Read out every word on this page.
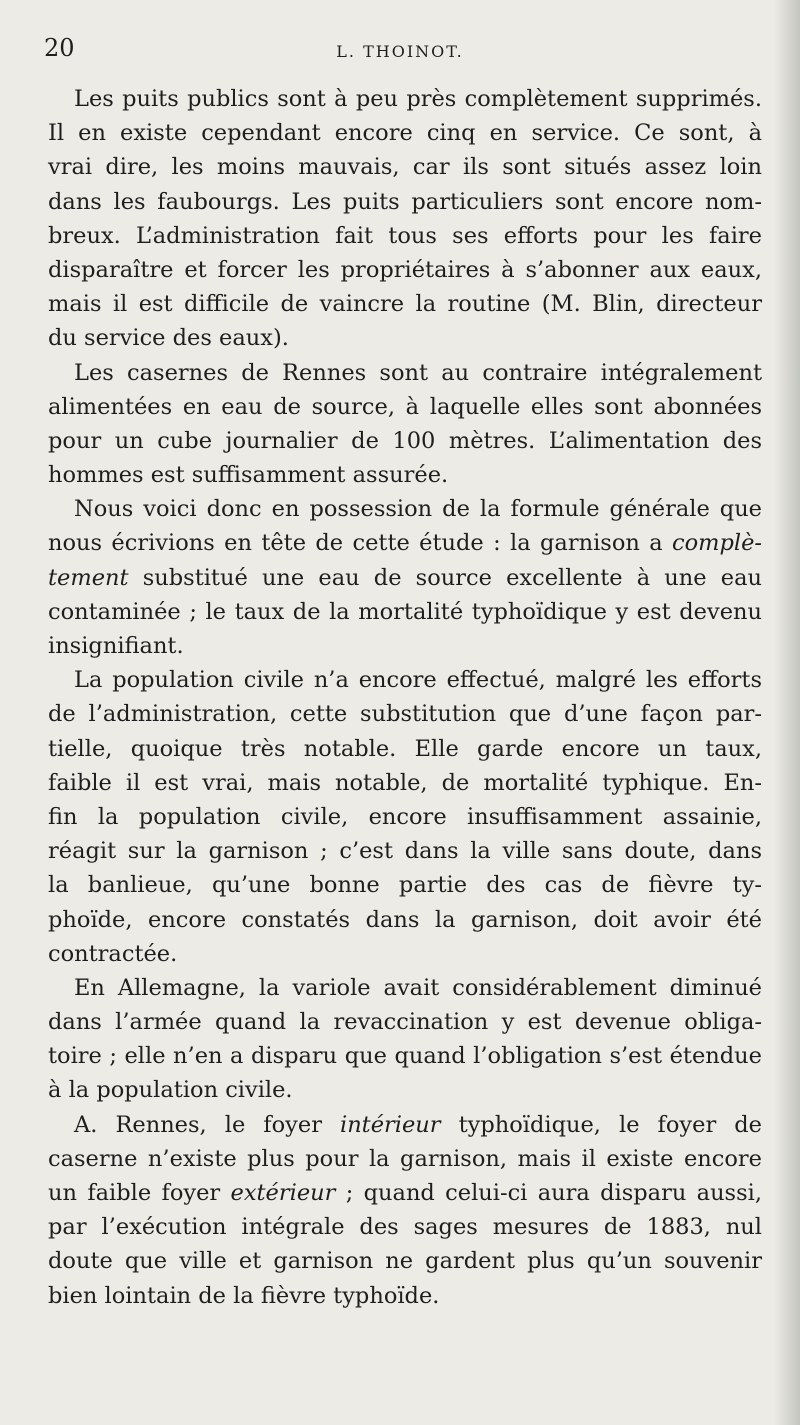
20	L. THOINOT.
Les puits publics sont à peu près complètement supprimés.
Il en existe cependant encore cinq en service. Ce sont, à
vrai dire, les moins mauvais, car ils sont situés assez loin
dans les faubourgs. Les puits particuliers sont encore nom-
breux. L’administration fait tous ses efforts pour les faire
disparaître et forcer les propriétaires à s’abonner aux eaux,
mais il est difficile de vaincre la routine (M. Blin, directeur
du service des eaux).
Les casernes de Rennes sont au contraire intégralement
alimentées en eau de source, à laquelle elles sont abonnées
pour un cube journalier de 100 mètres. L’alimentation des
hommes est suffisamment assurée.
Nous voici donc en possession de la formule générale que
nous écrivions en tête de cette étude : la garnison a complè-
tement substitué une eau de source excellente à une eau
contaminée ; le taux de la mortalité typhoïdique y est devenu
insignifiant.
La population civile n’a encore effectué, malgré les efforts
de l’administration, cette substitution que d’une façon par-
tielle, quoique très notable. Elle garde encore un taux,
faible il est vrai, mais notable, de mortalité typhique. En-
fin la population civile, encore insuffisamment assainie,
réagit sur la garnison ; c’est dans la ville sans doute, dans
la banlieue, qu’une bonne partie des cas de fièvre ty-
phoïde, encore constatés dans la garnison, doit avoir été
contractée.
En Allemagne, la variole avait considérablement diminué
dans l’armée quand la revaccination y est devenue obliga-
toire ; elle n’en a disparu que quand l’obligation s’est étendue
à la population civile.
A. Rennes, le foyer intérieur typhoïdique, le foyer de
caserne n’existe plus pour la garnison, mais il existe encore
un faible foyer extérieur ; quand celui-ci aura disparu aussi,
par l’exécution intégrale des sages mesures de 1883, nul
doute que ville et garnison ne gardent plus qu’un souvenir
bien lointain de la fièvre typhoïde.
